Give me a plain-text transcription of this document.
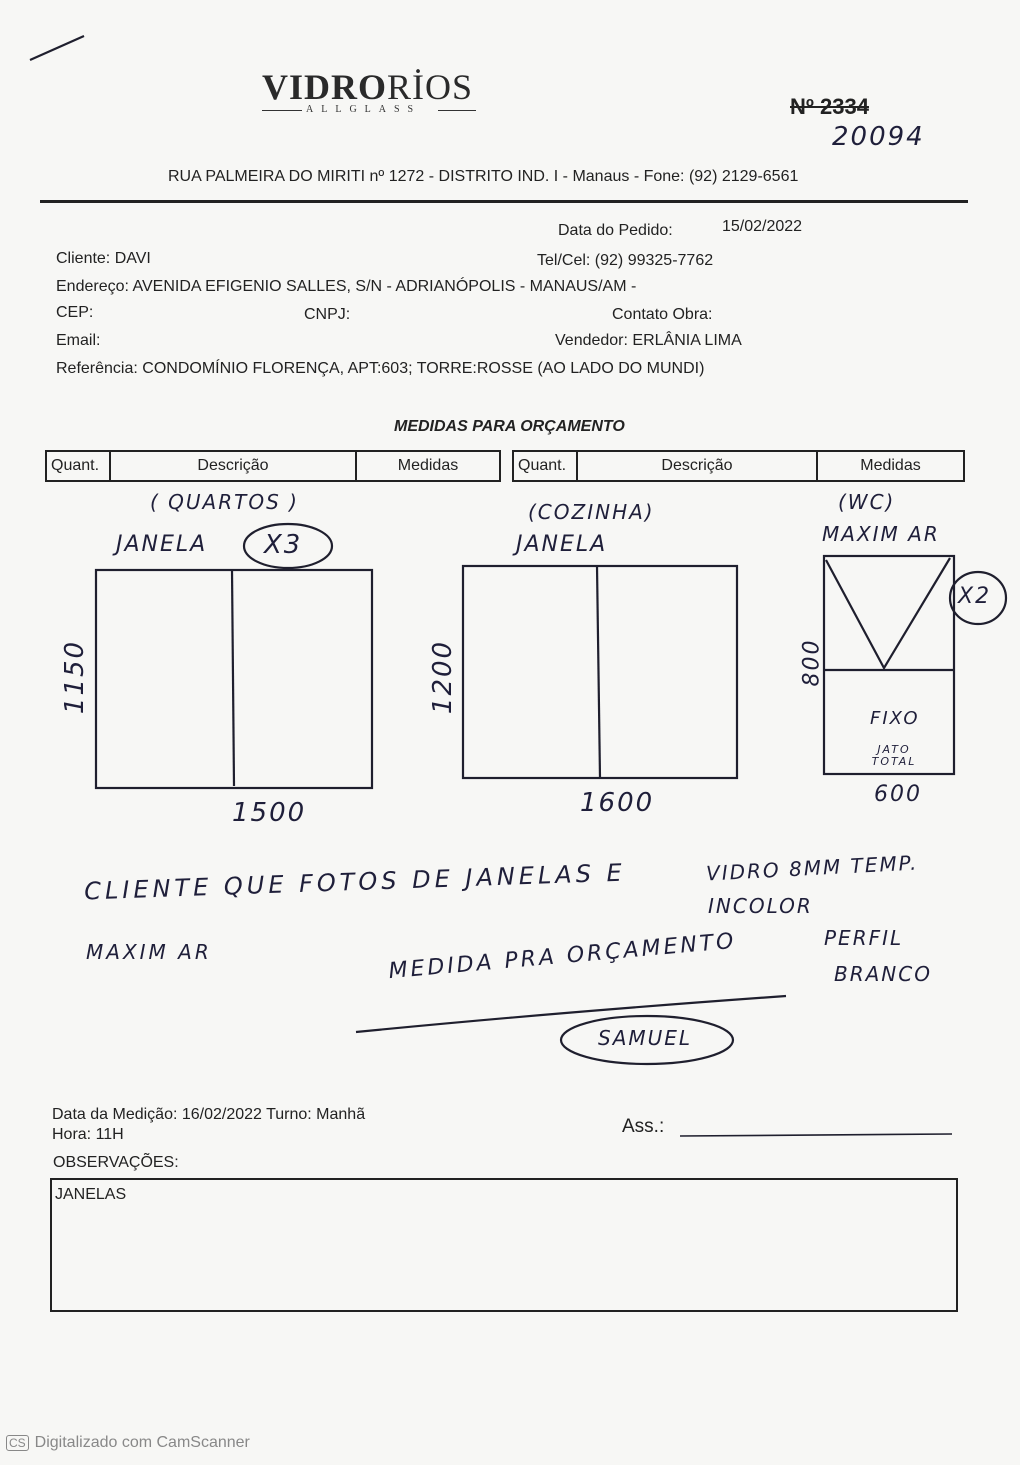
VIDRORİOS
ALLGLASS	Nº 2334
20094
RUA PALMEIRA DO MIRITI nº 1272 - DISTRITO IND. I - Manaus - Fone: (92) 2129-6561
Data do Pedido:	15/02/2022
Cliente: DAVI	Tel/Cel: (92) 99325-7762
Endereço: AVENIDA EFIGENIO SALLES, S/N - ADRIANÓPOLIS - MANAUS/AM -
CEP:	CNPJ:	Contato Obra:
Email:	Vendedor: ERLÂNIA LIMA
Referência: CONDOMÍNIO FLORENÇA, APT:603; TORRE:ROSSE (AO LADO DO MUNDI)
MEDIDAS PARA ORÇAMENTO
Quant.	Descrição	Medidas	Quant.	Descrição	Medidas
( QUARTOS )
JANELA X3
1150
1500
(COZINHA)
JANELA
1200
1600
(WC)
MAXIM AR
X2
800
FIXO
JATO TOTAL
600
CLIENTE QUE FOTOS DE JANELAS E
MAXIM AR	MEDIDA PRA ORÇAMENTO
VIDRO 8MM TEMP.
INCOLOR
PERFIL
BRANCO
SAMUEL
Data da Medição: 16/02/2022 Turno: Manhã
Hora: 11H	Ass.:
OBSERVAÇÕES:
JANELAS
CS Digitalizado com CamScanner
